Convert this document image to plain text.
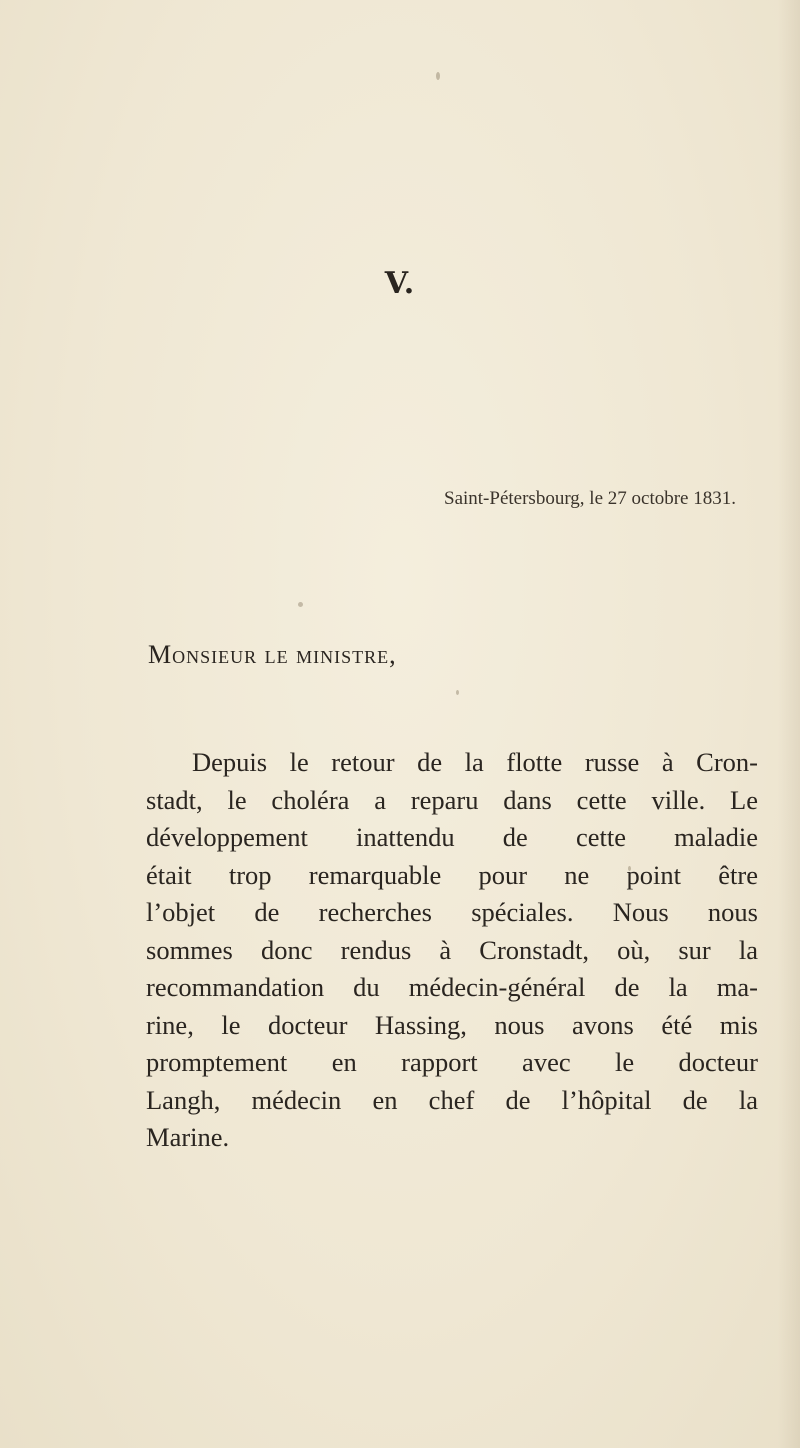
V.
Saint-Pétersbourg, le 27 octobre 1831.
Monsieur le ministre,
Depuis le retour de la flotte russe à Cron-
stadt, le choléra a reparu dans cette ville. Le
développement inattendu de cette maladie
était trop remarquable pour ne point être
l’objet de recherches spéciales. Nous nous
sommes donc rendus à Cronstadt, où, sur la
recommandation du médecin-général de la ma-
rine, le docteur Hassing, nous avons été mis
promptement en rapport avec le docteur
Langh, médecin en chef de l’hôpital de la
Marine.
